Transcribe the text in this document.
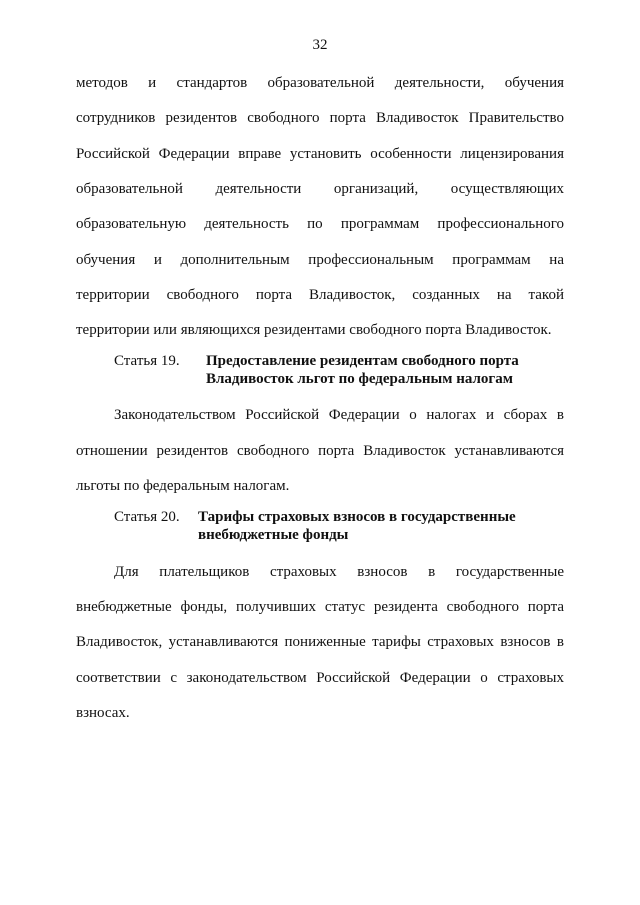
32
методов и стандартов образовательной деятельности, обучения
сотрудников резидентов свободного порта Владивосток Правительство
Российской Федерации вправе установить особенности лицензирования
образовательной деятельности организаций, осуществляющих
образовательную деятельность по программам профессионального
обучения и дополнительным профессиональным программам на
территории свободного порта Владивосток, созданных на такой
территории или являющихся резидентами свободного порта Владивосток.
Статья 19. Предоставление резидентам свободного порта
Владивосток льгот по федеральным налогам
Законодательством Российской Федерации о налогах и сборах в
отношении резидентов свободного порта Владивосток устанавливаются
льготы по федеральным налогам.
Статья 20. Тарифы страховых взносов в государственные
внебюджетные фонды
Для плательщиков страховых взносов в государственные
внебюджетные фонды, получивших статус резидента свободного порта
Владивосток, устанавливаются пониженные тарифы страховых взносов в
соответствии с законодательством Российской Федерации о страховых
взносах.
